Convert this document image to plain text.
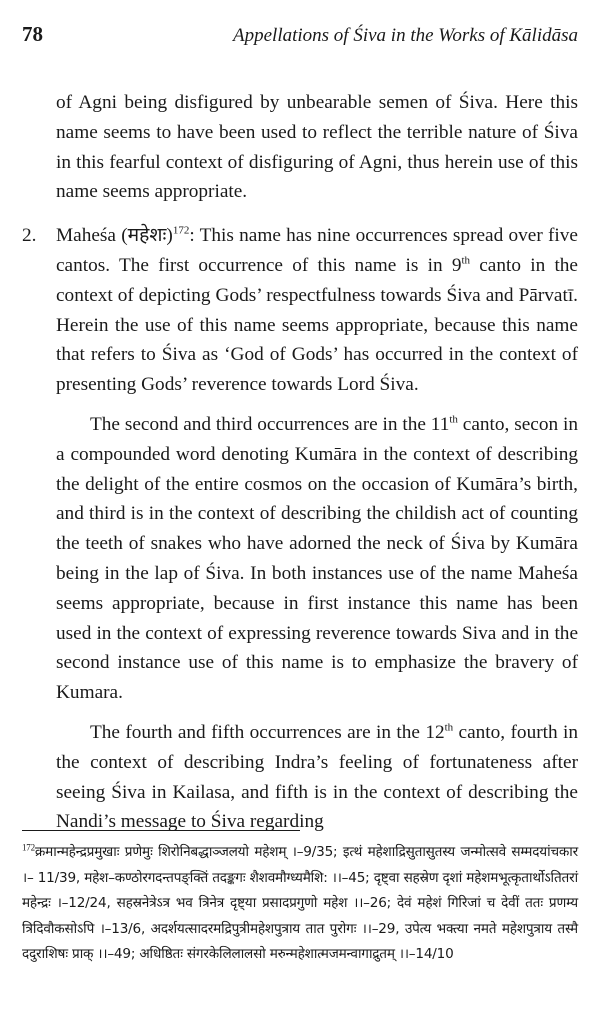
78	Appellations of Śiva in the Works of Kālidāsa

of Agni being disfigured by unbearable semen of Śiva. Here this name seems to have been used to reflect the terrible nature of Śiva in this fearful context of disfiguring of Agni, thus herein use of this name seems appropriate.

2.	Maheśa (महेशः)$^{172}$: This name has nine occurrences spread over five cantos. The first occurrence of this name is in 9th canto in the context of depicting Gods’ respectfulness towards Śiva and Pārvatī. Herein the use of this name seems appropriate, because this name that refers to Śiva as ‘God of Gods’ has occurred in the context of presenting Gods’ reverence towards Lord Śiva.

The second and third occurrences are in the 11th canto, secon in a compounded word denoting Kumāra in the context of describing the delight of the entire cosmos on the occasion of Kumāra’s birth, and third is in the context of describing the childish act of counting the teeth of snakes who have adorned the neck of Śiva by Kumāra being in the lap of Śiva. In both instances use of the name Maheśa seems appropriate, because in first instance this name has been used in the context of expressing reverence towards Siva and in the second instance use of this name is to emphasize the bravery of Kumara.

The fourth and fifth occurrences are in the 12th canto, fourth in the context of describing Indra’s feeling of fortunateness after seeing Śiva in Kailasa, and fifth is in the context of describing the Nandi’s message to Śiva regarding

$^{172}$क्रमान्महेन्द्रप्रमुखाः प्रणेमुः शिरोनिबद्धाञ्जलयो महेशम् ।–9/35; इत्थं महेशाद्रिसुतासुतस्य जन्मोत्सवे सम्मदयांचकार ।– 11/39, महेश–कण्ठोरगदन्तपङ्क्तिं तदङ्कगः शैशवमौग्ध्यमैशि: ।।–45; दृष्ट्वा सहस्रेण दृशां महेशमभूत्कृतार्थोऽतितरां महेन्द्रः ।–12/24, सहस्रनेत्रेऽत्र भव त्रिनेत्र दृष्ट्या प्रसादप्रगुणो महेश ।।–26; देवं महेशं गिरिजां च देवीं ततः प्रणम्य त्रिदिवौकसोऽपि ।–13/6, अदर्शयत्सादरमद्रिपुत्रीमहेशपुत्राय तात पुरोगः ।।–29, उपेत्य भक्त्या नमते महेशपुत्राय तस्मै ददुराशिषः प्राक् ।।–49; अधिष्ठितः संगरकेलिलालसो मरुन्महेशात्मजमन्वागाद्रुतम् ।।–14/10
